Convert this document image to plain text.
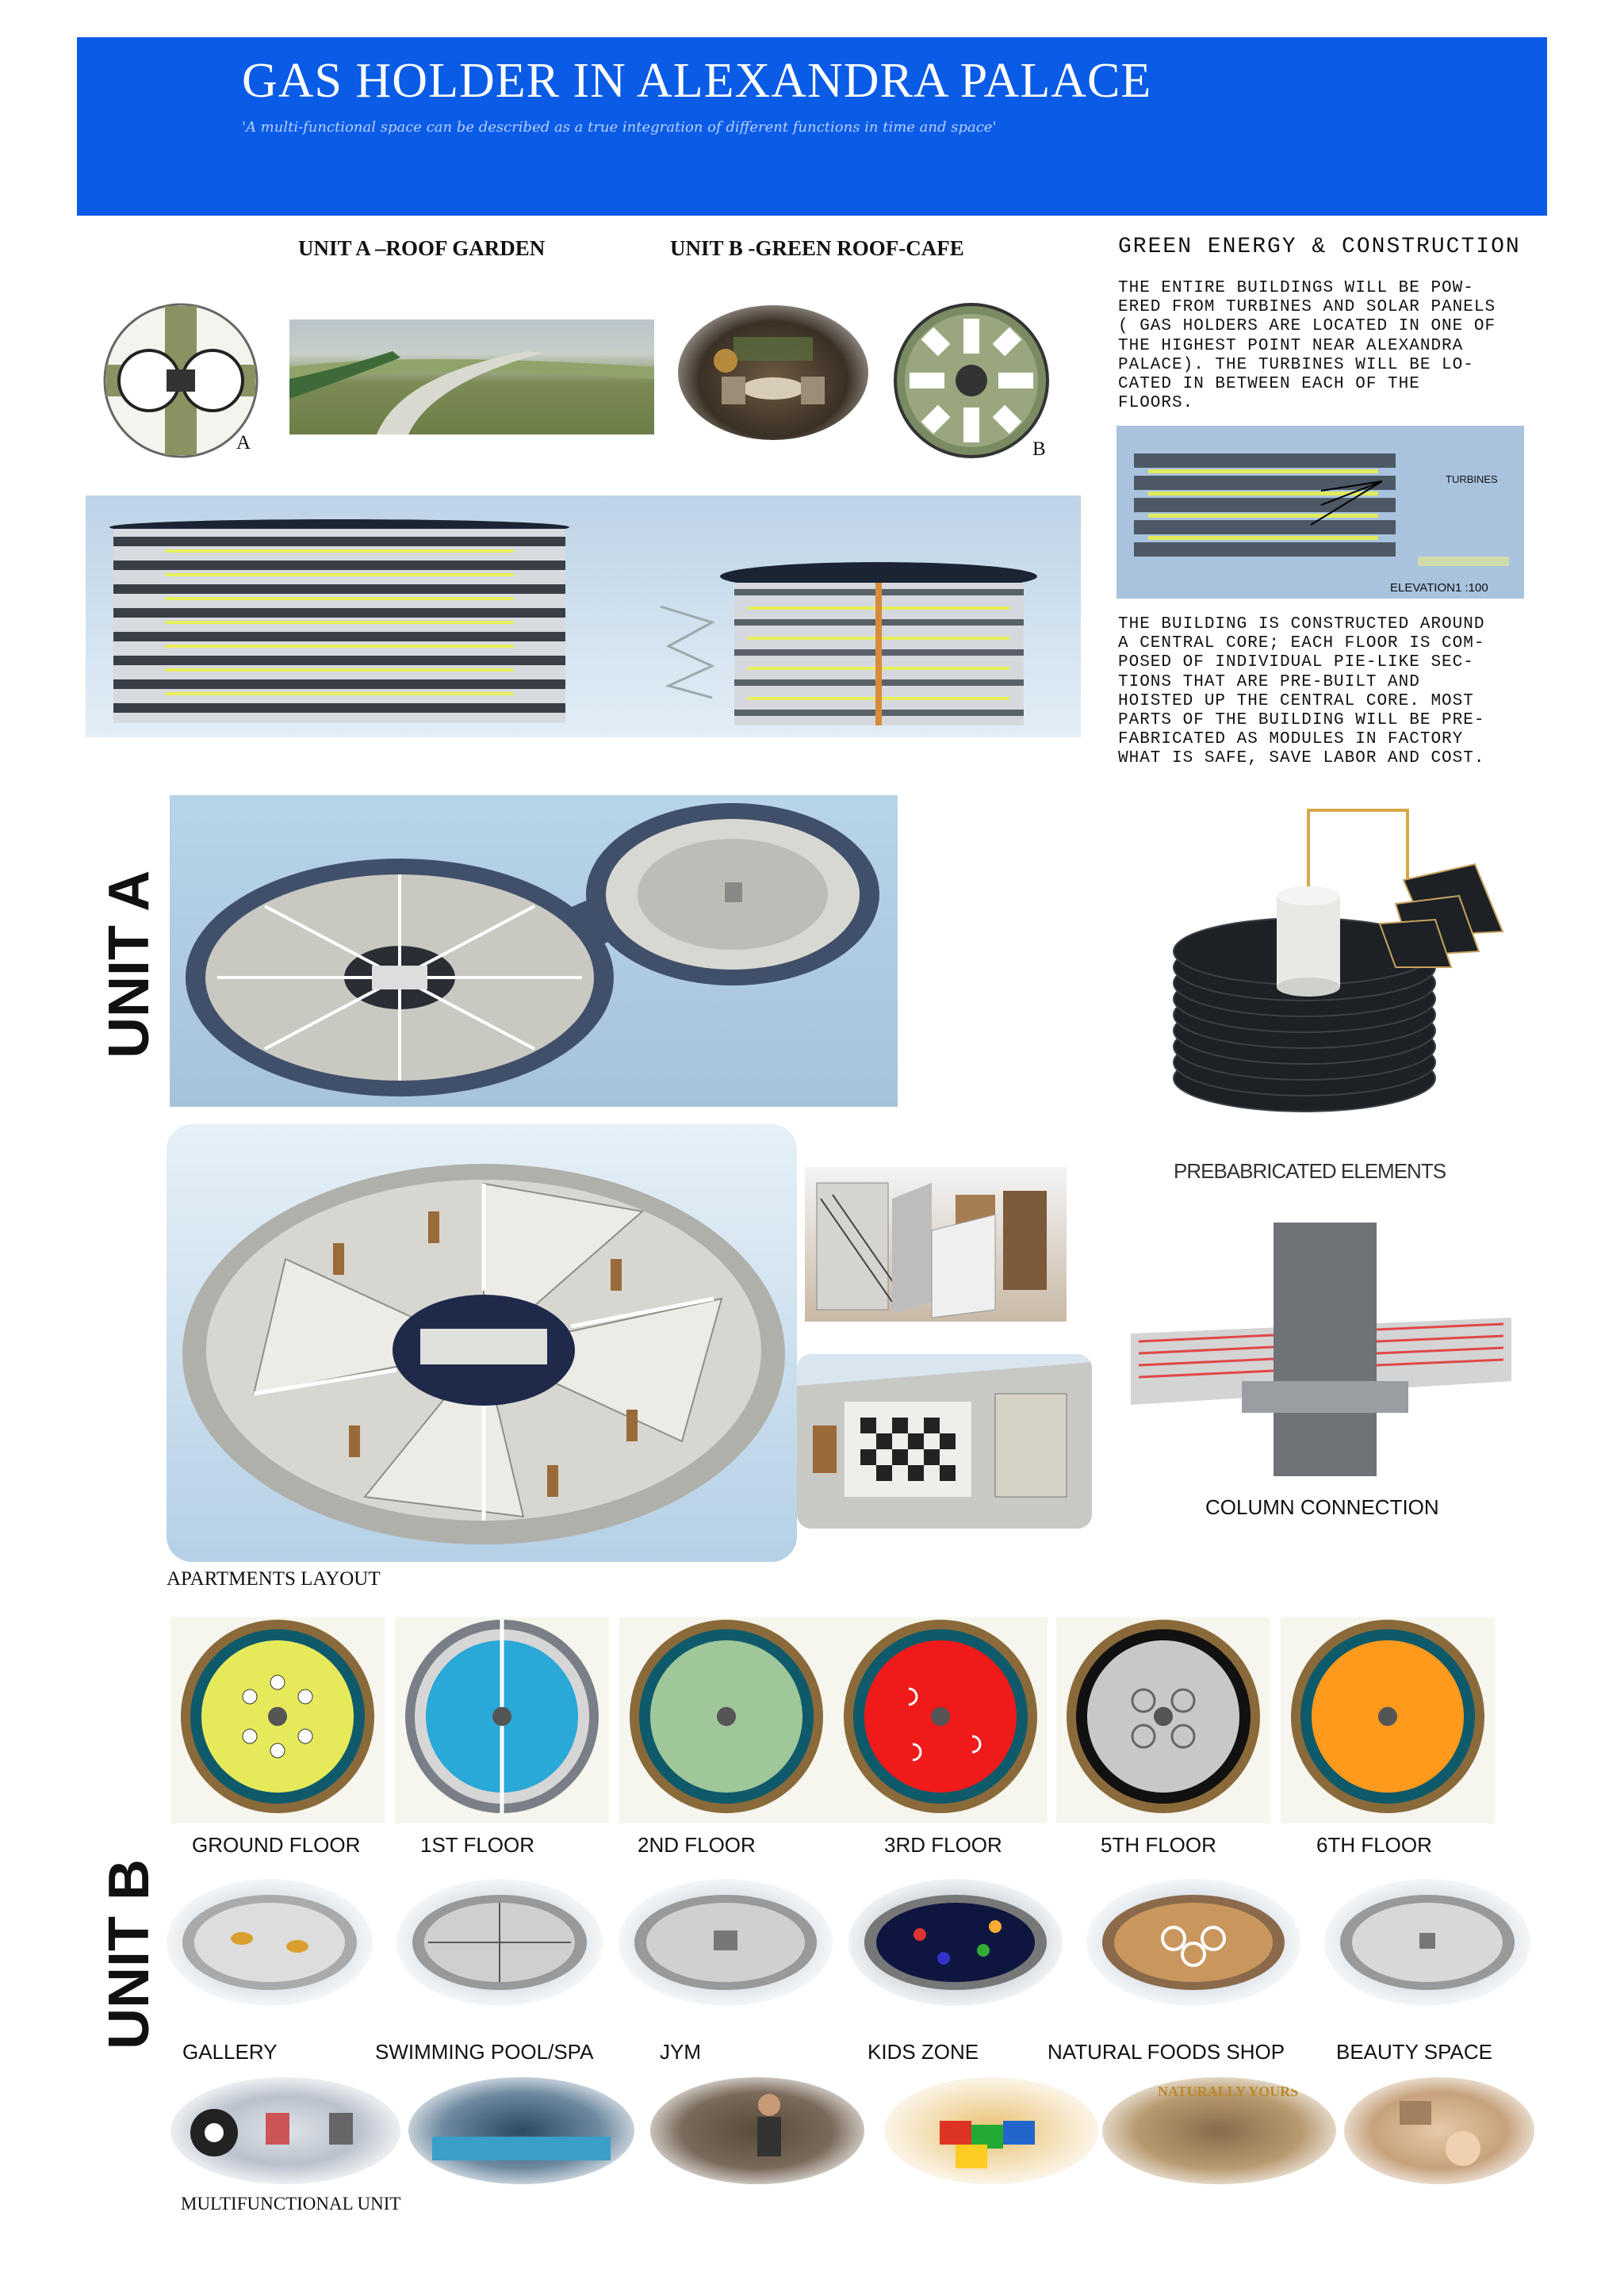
GAS HOLDER IN ALEXANDRA PALACE
'A multi-functional space can be described as a true integration of different functions in time and space'
UNIT A –ROOF GARDEN	UNIT B -GREEN ROOF-CAFE	GREEN ENERGY & CONSTRUCTION
A	B
THE ENTIRE BUILDINGS WILL BE POW-
ERED FROM TURBINES AND SOLAR PANELS
( GAS HOLDERS ARE LOCATED IN ONE OF
THE HIGHEST POINT NEAR ALEXANDRA
PALACE). THE TURBINES WILL BE LO-
CATED IN BETWEEN EACH OF THE
FLOORS.
TURBINES
ELEVATION1 :100
THE BUILDING IS CONSTRUCTED AROUND
A CENTRAL CORE; EACH FLOOR IS COM-
POSED OF INDIVIDUAL PIE-LIKE SEC-
TIONS THAT ARE PRE-BUILT AND
HOISTED UP THE CENTRAL CORE. MOST
PARTS OF THE BUILDING WILL BE PRE-
FABRICATED AS MODULES IN FACTORY
WHAT IS SAFE, SAVE LABOR AND COST.
UNIT A
PREBABRICATED ELEMENTS
APARTMENTS LAYOUT
COLUMN CONNECTION
GROUND FLOOR	1ST FLOOR	2ND FLOOR	3RD FLOOR	5TH FLOOR	6TH FLOOR
UNIT B
GALLERY	SWIMMING POOL/SPA	JYM	KIDS ZONE	NATURAL FOODS SHOP BEAUTY SPACE
NATURALLY YOURS
MULTIFUNCTIONAL UNIT
